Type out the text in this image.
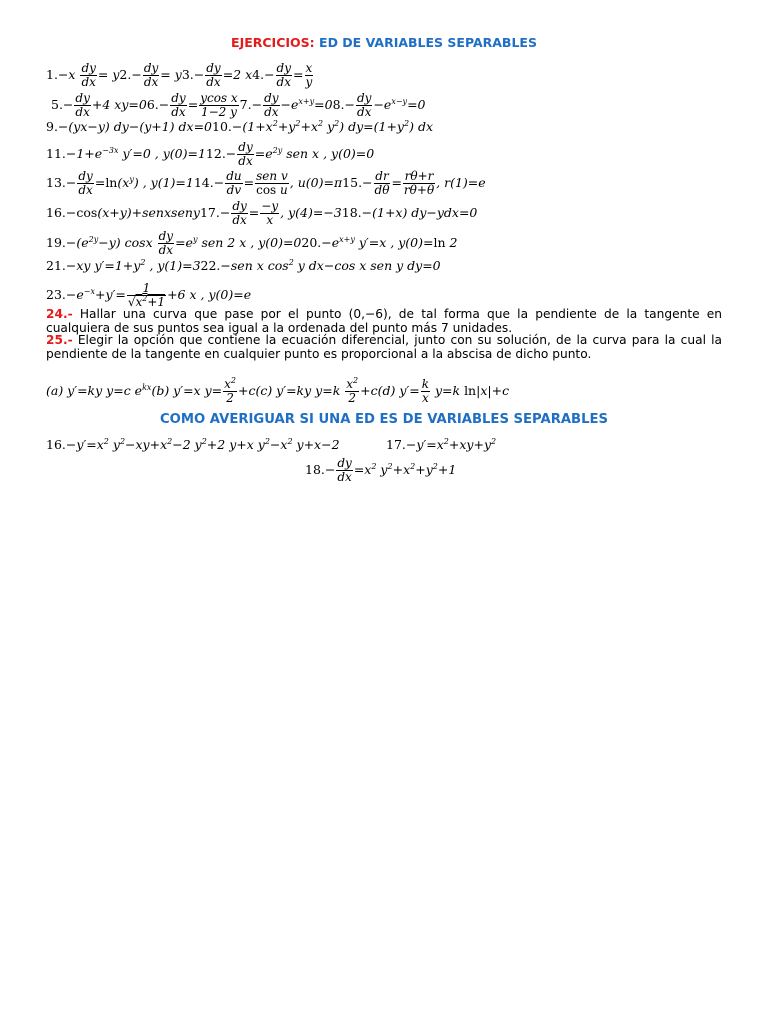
EJERCICIOS: ED DE VARIABLES SEPARABLES
$1.-x \frac{dy}{dx} = y2.- \frac{dy}{dx} = y3.- \frac{dy}{dx} =2$ $x4.- \frac{dy}{dx} = \frac{x}{y}$
$5.- \frac{dy}{dx} +4$ $xy=06.- \frac{dy}{dx} = \frac{\text{ycos x}}{1-2 y} 7.- \frac{dy}{dx} -e^{x+y}=08.- \frac{dy}{dx} -e^{x-y}=0$
9.−(yx−y) dy−(y+1) $dx=010.-(1+x^2+y^2+x^2$ $y^2$) $dy=(1+y^2)$ dx
$11.-1+e^{-3x}$ y′=0 , $y(0)=112.- \frac{dy}{dx} =e^{2y}$ sen x , y(0)=0
$13.- \frac{dy}{dx} =\ln(x^y)$ , $y(1)=114.- \frac{du}{dv} = \frac{\text{sen v}}{\text{cos u}}$ , $u(0)=\pi 15.- \frac{dr}{d\theta} = \frac{r\theta+r}{r\theta+\theta}$ , r(1)=e
16.−cos(x+y)+senxseny17.− $\frac{dy}{dx} = \frac{-y}{x}$ , y(4)=−318.−(1+x) dy−ydx=0
$19.-(e^{2y}-y)$ cosx $\frac{dy}{dx} =e^y$ sen 2 x , $y(0)=020.-e^{x+y}$ y′=x , y(0)=ln 2
21.−xy $y'=1+y^2$ , y(1)=322.−sen x $\cos^2 y$ dx−cos x sen y dy=0
$23.-e^{-x}+y'= \frac{1}{√x^2+1} +6$ x , y(0)=e
24.- Hallar una curva que pase por el punto (0,−6), de tal forma que la pendiente de la tangente en cualquiera de sus puntos sea igual a la ordenada del punto más 7 unidades.
25.- Elegir la opción que contiene la ecuación diferencial, junto con su solución, de la curva para la cual la pendiente de la tangente en cualquier punto es proporcional a la abscisa de dicho punto.
(a) y′=ky y=c $e^{kx}(b)$ y′=x $y= \frac{x^2}{2} +c(c)$ y′=ky $y=k \frac{x^2}{2} +c(d)$ $y'= \frac{k}{x} y=k$ ln|x|+c
COMO AVERIGUAR SI UNA ED ES DE VARIABLES SEPARABLES
$16.-y'=x^2$ $y^2-xy+x^2-2$ $y^2+2$ y+x $y^2-x^2$ y+x−2	$17.-y'=x^2+xy+y^2$
$18.- \frac{dy}{dx} =x^2$ $y^2+x^2+y^2+1$
